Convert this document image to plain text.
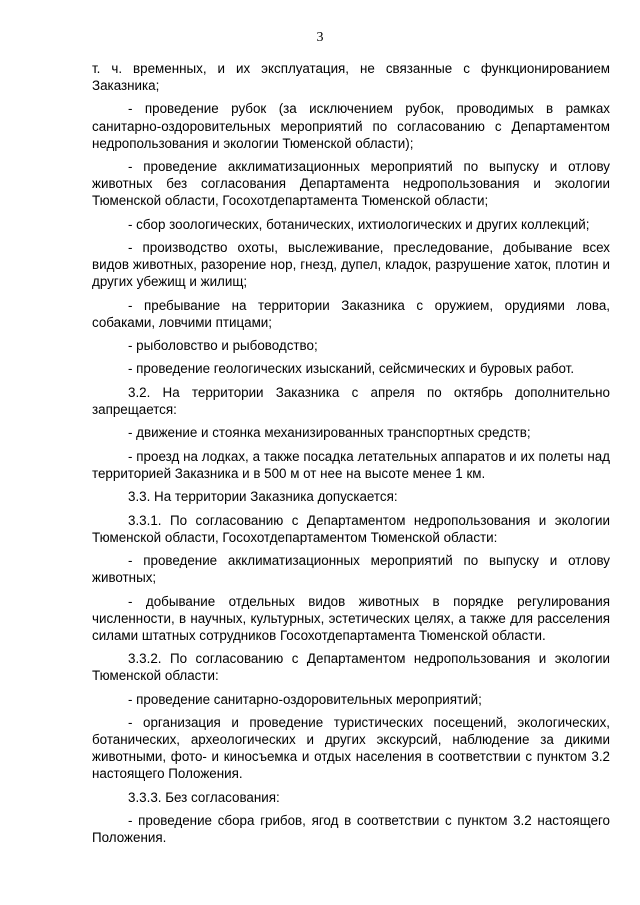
3

т. ч. временных, и их эксплуатация, не связанные с функционированием Заказника;

- проведение рубок (за исключением рубок, проводимых в рамках санитарно-оздоровительных мероприятий по согласованию с Департаментом недропользования и экологии Тюменской области);

- проведение акклиматизационных мероприятий по выпуску и отлову животных без согласования Департамента недропользования и экологии Тюменской области, Госохотдепартамента Тюменской области;

- сбор зоологических, ботанических, ихтиологических и других коллекций;

- производство охоты, выслеживание, преследование, добывание всех видов животных, разорение нор, гнезд, дупел, кладок, разрушение хаток, плотин и других убежищ и жилищ;

- пребывание на территории Заказника с оружием, орудиями лова, собаками, ловчими птицами;

- рыболовство и рыбоводство;

- проведение геологических изысканий, сейсмических и буровых работ.

3.2. На территории Заказника с апреля по октябрь дополнительно запрещается:

- движение и стоянка механизированных транспортных средств;

- проезд на лодках, а также посадка летательных аппаратов и их полеты над территорией Заказника и в 500 м от нее на высоте менее 1 км.

3.3. На территории Заказника допускается:

3.3.1. По согласованию с Департаментом недропользования и экологии Тюменской области, Госохотдепартаментом Тюменской области:

- проведение акклиматизационных мероприятий по выпуску и отлову животных;

- добывание отдельных видов животных в порядке регулирования численности, в научных, культурных, эстетических целях, а также для расселения силами штатных сотрудников Госохотдепартамента Тюменской области.

3.3.2. По согласованию с Департаментом недропользования и экологии Тюменской области:

- проведение санитарно-оздоровительных мероприятий;

- организация и проведение туристических посещений, экологических, ботанических, археологических и других экскурсий, наблюдение за дикими животными, фото- и киносъемка и отдых населения в соответствии с пунктом 3.2 настоящего Положения.

3.3.3. Без согласования:

- проведение сбора грибов, ягод в соответствии с пунктом 3.2 настоящего Положения.
